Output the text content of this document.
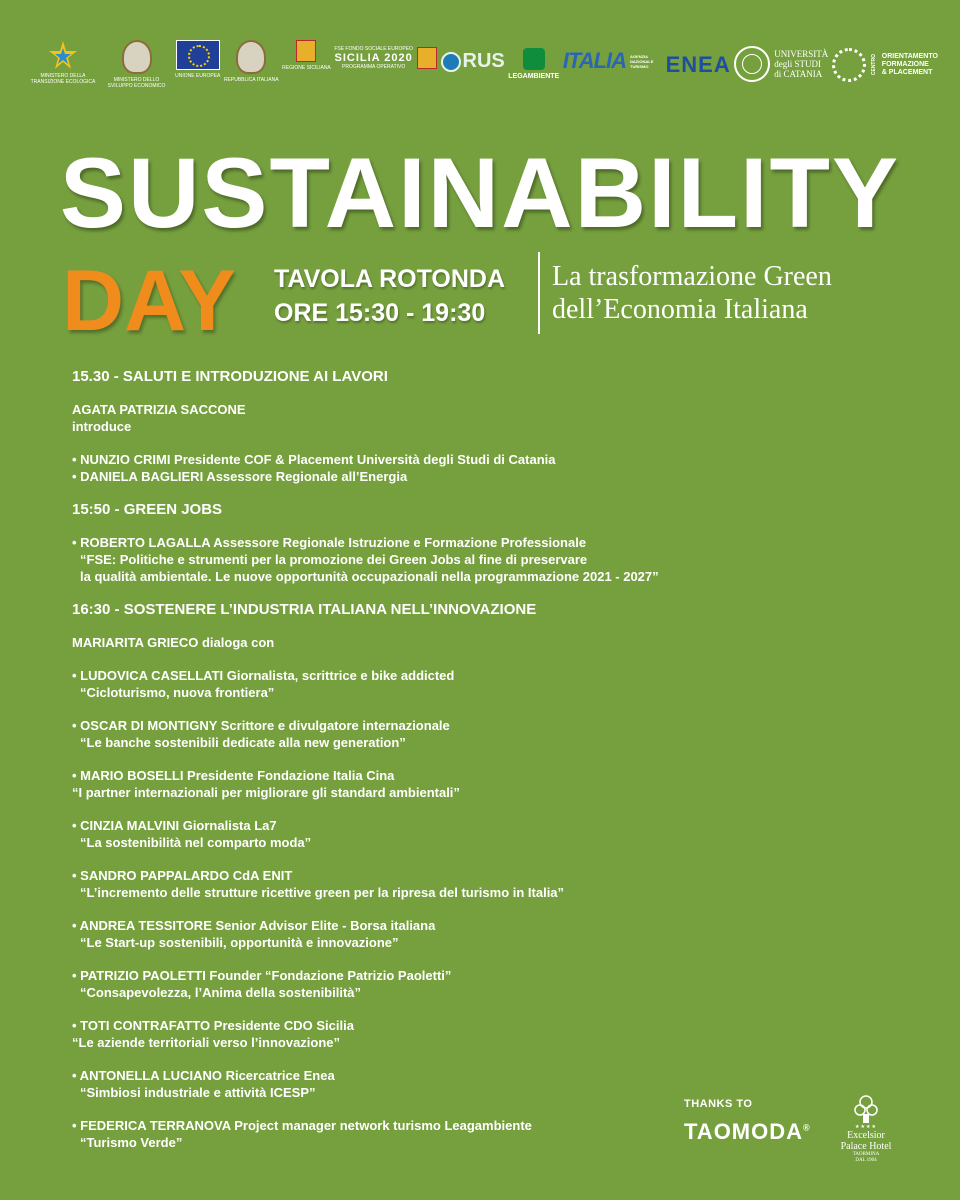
MINISTERO DELLA TRANSIZIONE ECOLOGICA	MINISTERO DELLO SVILUPPO ECONOMICO
UNIONE EUROPEA
REPUBBLICA ITALIANA
REGIONE SICILIANA
FSE FONDO SOCIALE EUROPEO
SICILIA 2020
PROGRAMMA OPERATIVO	RUS
LEGAMBIENTE
ITALIA AGENZIA NAZIONALE TURISMO ENEA	UNIVERSITÀ
degli STUDI
di CATANIA	CENTRO ORIENTAMENTO
FORMAZIONE
& PLACEMENT
SUSTAINABILITY
DAY TAVOLA ROTONDA
ORE 15:30 - 19:30
La trasformazione Green
dell’Economia Italiana
15.30 - SALUTI E INTRODUZIONE AI LAVORI
AGATA PATRIZIA SACCONE
introduce
• NUNZIO CRIMI Presidente COF & Placement Università degli Studi di Catania
• DANIELA BAGLIERI Assessore Regionale all’Energia
15:50 - GREEN JOBS
• ROBERTO LAGALLA Assessore Regionale Istruzione e Formazione Professionale
“FSE: Politiche e strumenti per la promozione dei Green Jobs al fine di preservare
la qualità ambientale. Le nuove opportunità occupazionali nella programmazione 2021 - 2027”
16:30 - SOSTENERE L’INDUSTRIA ITALIANA NELL’INNOVAZIONE
MARIARITA GRIECO dialoga con
• LUDOVICA CASELLATI Giornalista, scrittrice e bike addicted
“Cicloturismo, nuova frontiera”
• OSCAR DI MONTIGNY Scrittore e divulgatore internazionale
“Le banche sostenibili dedicate alla new generation”
• MARIO BOSELLI Presidente Fondazione Italia Cina
“I partner internazionali per migliorare gli standard ambientali”
• CINZIA MALVINI Giornalista La7
“La sostenibilità nel comparto moda”
• SANDRO PAPPALARDO CdA ENIT
“L’incremento delle strutture ricettive green per la ripresa del turismo in Italia”
• ANDREA TESSITORE Senior Advisor Elite - Borsa italiana
“Le Start-up sostenibili, opportunità e innovazione”
• PATRIZIO PAOLETTI Founder “Fondazione Patrizio Paoletti”
“Consapevolezza, l’Anima della sostenibilità”
• TOTI CONTRAFATTO Presidente CDO Sicilia
“Le aziende territoriali verso l’innovazione”
• ANTONELLA LUCIANO Ricercatrice Enea
“Simbiosi industriale e attività ICESP”
• FEDERICA TERRANOVA Project manager network turismo Leagambiente
“Turismo Verde”
THANKS TO
TAOMODA®	★★★★
Excelsior
Palace Hotel
TAORMINA
DAL 1904
